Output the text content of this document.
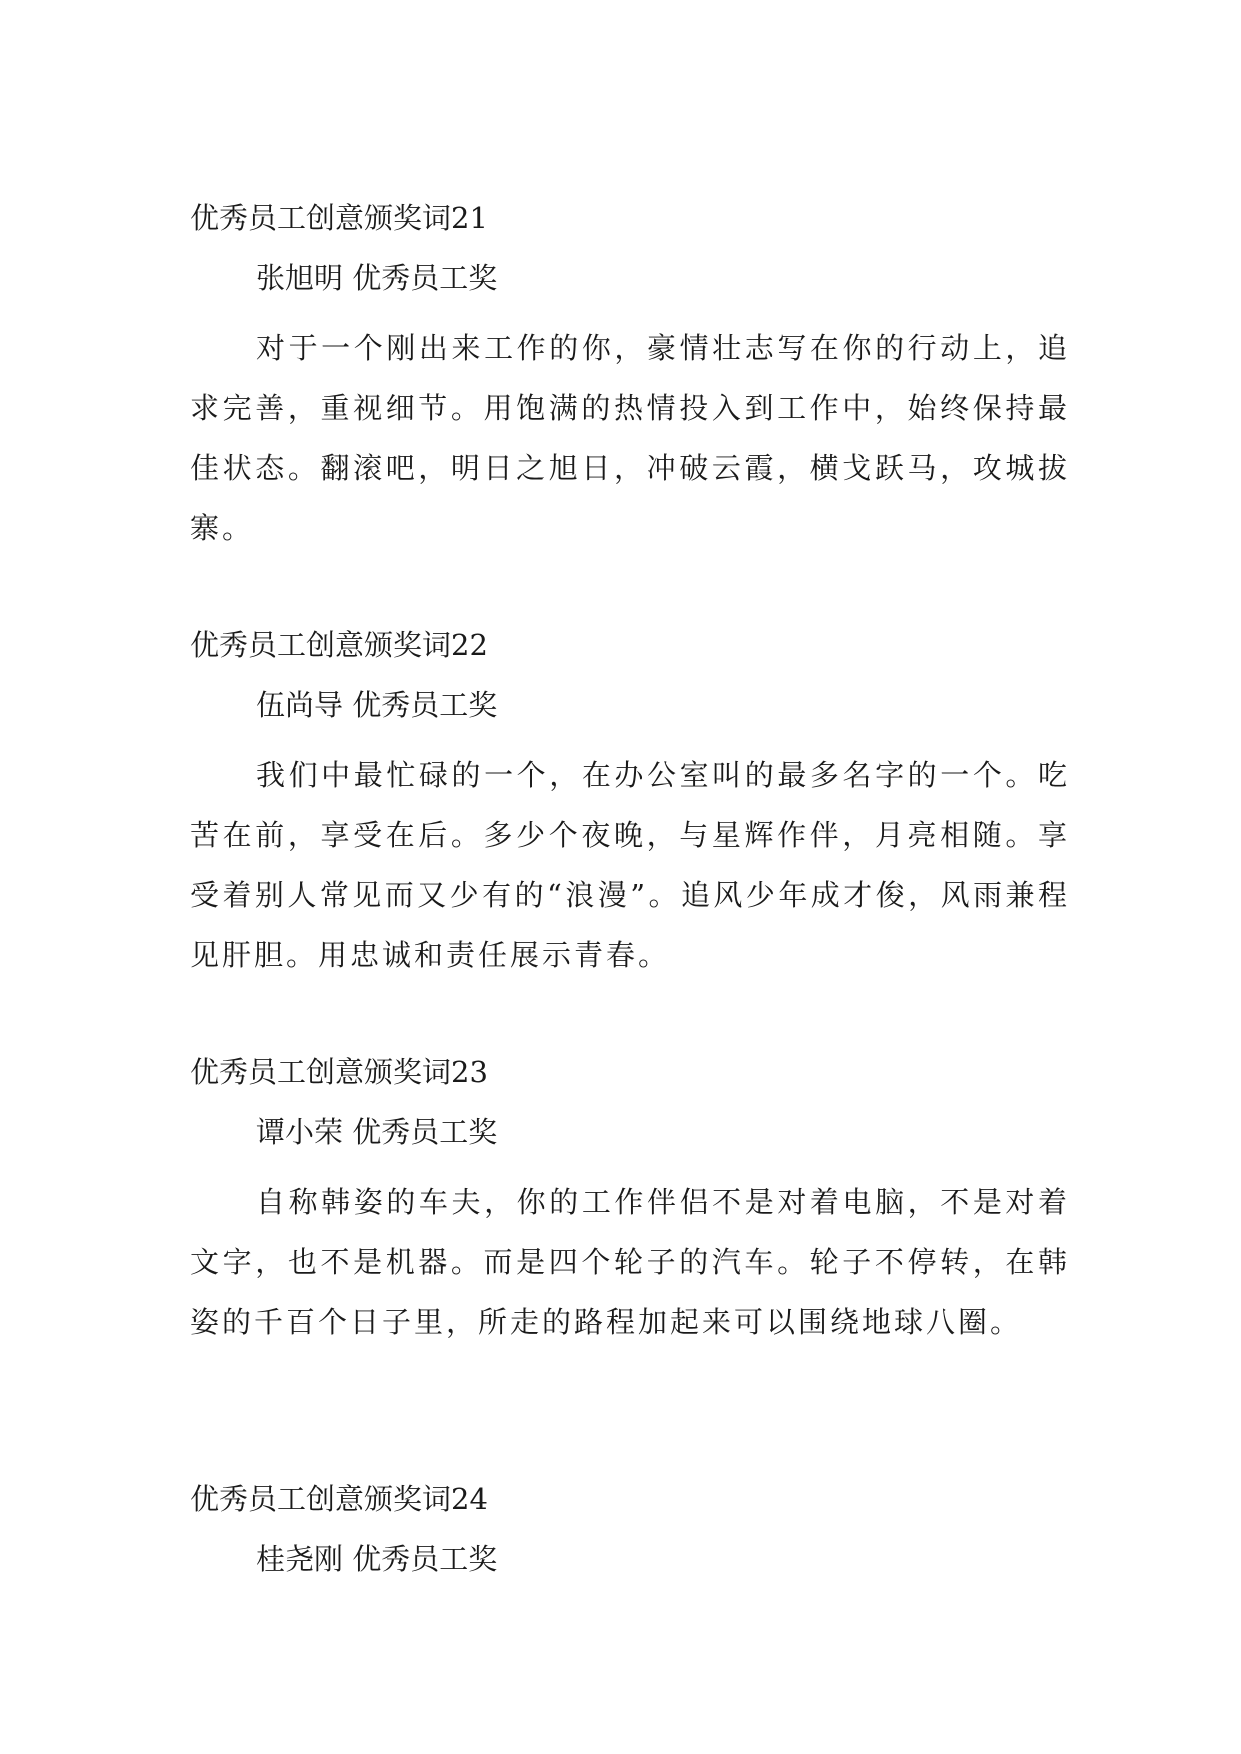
优秀员工创意颁奖词21
张旭明 优秀员工奖
对于一个刚出来工作的你，豪情壮志写在你的行动上，追求完善，重视细节。用饱满的热情投入到工作中，始终保持最佳状态。翻滚吧，明日之旭日，冲破云霞，横戈跃马，攻城拔寨。
优秀员工创意颁奖词22
伍尚导 优秀员工奖
我们中最忙碌的一个，在办公室叫的最多名字的一个。吃苦在前，享受在后。多少个夜晚，与星辉作伴，月亮相随。享受着别人常见而又少有的“浪漫”。追风少年成才俊，风雨兼程见肝胆。用忠诚和责任展示青春。
优秀员工创意颁奖词23
谭小荣 优秀员工奖
自称韩姿的车夫，你的工作伴侣不是对着电脑，不是对着文字，也不是机器。而是四个轮子的汽车。轮子不停转，在韩姿的千百个日子里，所走的路程加起来可以围绕地球八圈。
优秀员工创意颁奖词24
桂尧刚 优秀员工奖
